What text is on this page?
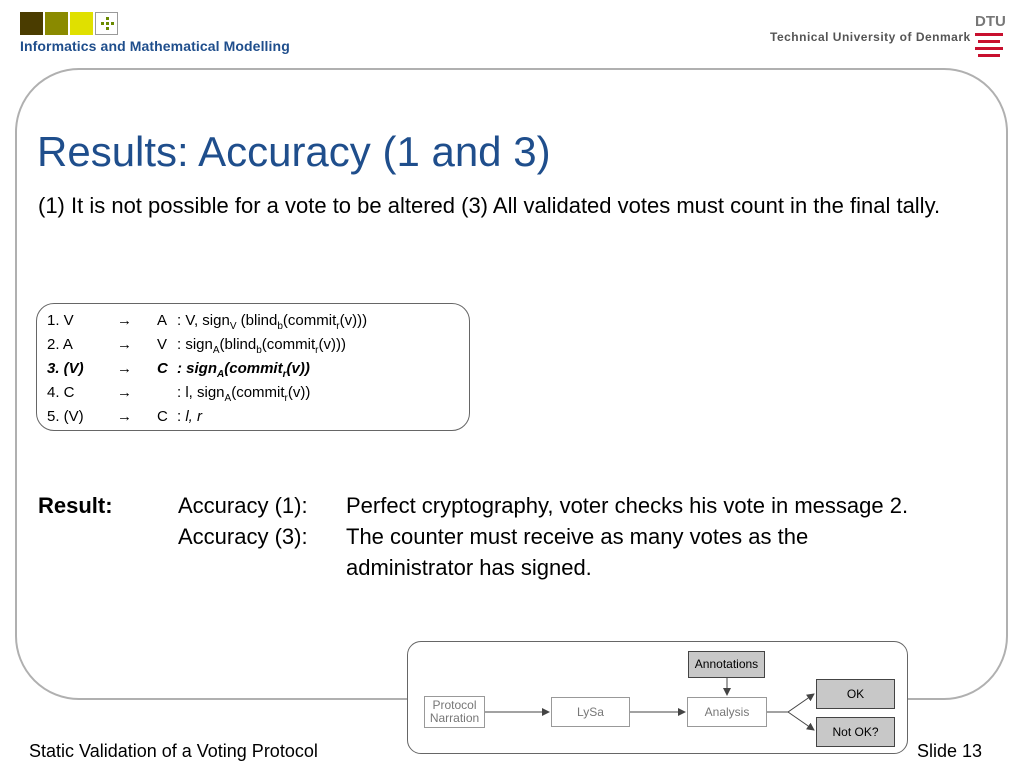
Informatics and Mathematical Modelling
Technical University of Denmark
DTU
Results: Accuracy (1 and 3)
(1) It is not possible for a vote to be altered (3) All validated votes must count in the final tally.
1. V	→ A : V, sign$_V$ (blind$_b$(commit$_r$(v)))
2. A	→ V : sign$_A$(blind$_b$(commit$_r$(v)))
3. (V) → C : sign$_A$(commit$_r$(v))
4. C	→	: l, sign$_A$(commit$_r$(v))
5. (V) → C : l, r
Result:	Accuracy (1): Perfect cryptography, voter checks his vote in message 2.
Accuracy (3): The counter must receive as many votes as the
administrator has signed.
Protocol Narration	LySa	Analysis
Annotations
OK
Not OK?
Static Validation of a Voting Protocol	Slide 13
